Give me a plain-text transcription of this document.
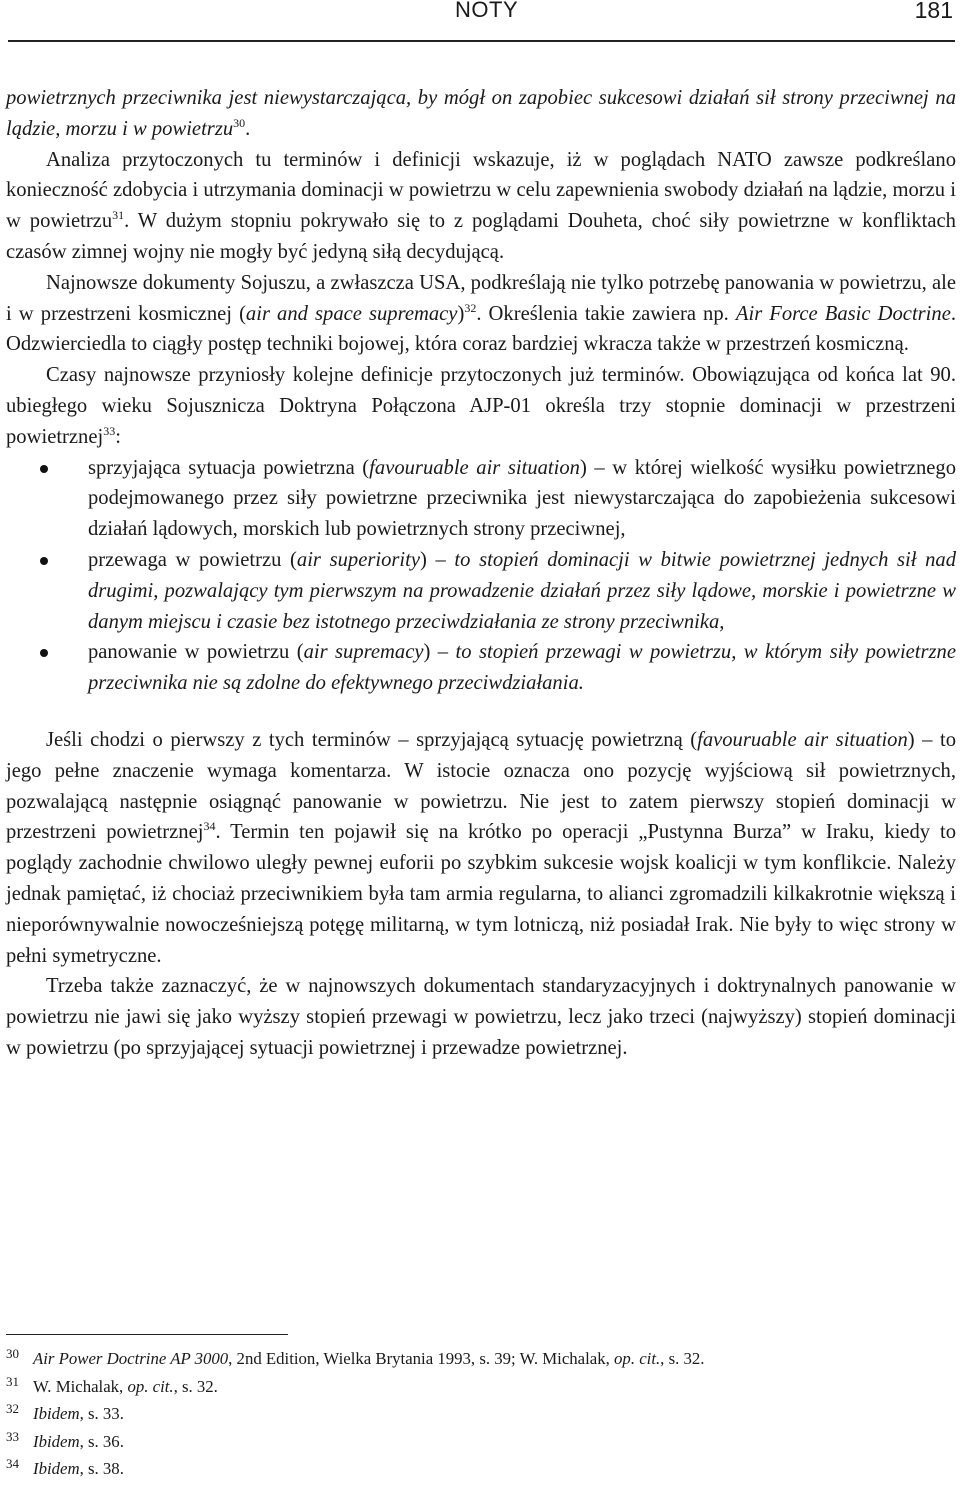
NOTY	181

powietrznych przeciwnika jest niewystarczająca, by mógł on zapobiec sukcesowi działań sił strony przeciwnej na lądzie, morzu i w powietrzu$^{30}$.

Analiza przytoczonych tu terminów i definicji wskazuje, iż w poglądach NATO zawsze podkreślano konieczność zdobycia i utrzymania dominacji w powietrzu w celu zapewnienia swobody działań na lądzie, morzu i w powietrzu$^{31}$. W dużym stopniu pokrywało się to z poglądami Douheta, choć siły powietrzne w konfliktach czasów zimnej wojny nie mogły być jedyną siłą decydującą.

Najnowsze dokumenty Sojuszu, a zwłaszcza USA, podkreślają nie tylko potrzebę panowania w powietrzu, ale i w przestrzeni kosmicznej (air and space supremacy)$^{32}$. Określenia takie zawiera np. Air Force Basic Doctrine. Odzwierciedla to ciągły postęp techniki bojowej, która coraz bardziej wkracza także w przestrzeń kosmiczną.

Czasy najnowsze przyniosły kolejne definicje przytoczonych już terminów. Obowiązująca od końca lat 90. ubiegłego wieku Sojusznicza Doktryna Połączona AJP-01 określa trzy stopnie dominacji w przestrzeni powietrznej$^{33}$:

sprzyjająca sytuacja powietrzna (favouruable air situation) – w której wielkość wysiłku powietrznego podejmowanego przez siły powietrzne przeciwnika jest niewystarczająca do zapobieżenia sukcesowi działań lądowych, morskich lub powietrznych strony przeciwnej,
przewaga w powietrzu (air superiority) – to stopień dominacji w bitwie powietrznej jednych sił nad drugimi, pozwalający tym pierwszym na prowadzenie działań przez siły lądowe, morskie i powietrzne w danym miejscu i czasie bez istotnego przeciwdziałania ze strony przeciwnika,
panowanie w powietrzu (air supremacy) – to stopień przewagi w powietrzu, w którym siły powietrzne przeciwnika nie są zdolne do efektywnego przeciwdziałania.

Jeśli chodzi o pierwszy z tych terminów – sprzyjającą sytuację powietrzną (favouruable air situation) – to jego pełne znaczenie wymaga komentarza. W istocie oznacza ono pozycję wyjściową sił powietrznych, pozwalającą następnie osiągnąć panowanie w powietrzu. Nie jest to zatem pierwszy stopień dominacji w przestrzeni powietrznej$^{34}$. Termin ten pojawił się na krótko po operacji „Pustynna Burza” w Iraku, kiedy to poglądy zachodnie chwilowo uległy pewnej euforii po szybkim sukcesie wojsk koalicji w tym konflikcie. Należy jednak pamiętać, iż chociaż przeciwnikiem była tam armia regularna, to alianci zgromadzili kilkakrotnie większą i nieporównywalnie nowocześniejszą potęgę militarną, w tym lotniczą, niż posiadał Irak. Nie były to więc strony w pełni symetryczne.

Trzeba także zaznaczyć, że w najnowszych dokumentach standaryzacyjnych i doktrynalnych panowanie w powietrzu nie jawi się jako wyższy stopień przewagi w powietrzu, lecz jako trzeci (najwyższy) stopień dominacji w powietrzu (po sprzyjającej sytuacji powietrznej i przewadze powietrznej.

30 Air Power Doctrine AP 3000, 2nd Edition, Wielka Brytania 1993, s. 39; W. Michalak, op. cit., s. 32.
31 W. Michalak, op. cit., s. 32.
32 Ibidem, s. 33.
33 Ibidem, s. 36.
34 Ibidem, s. 38.
